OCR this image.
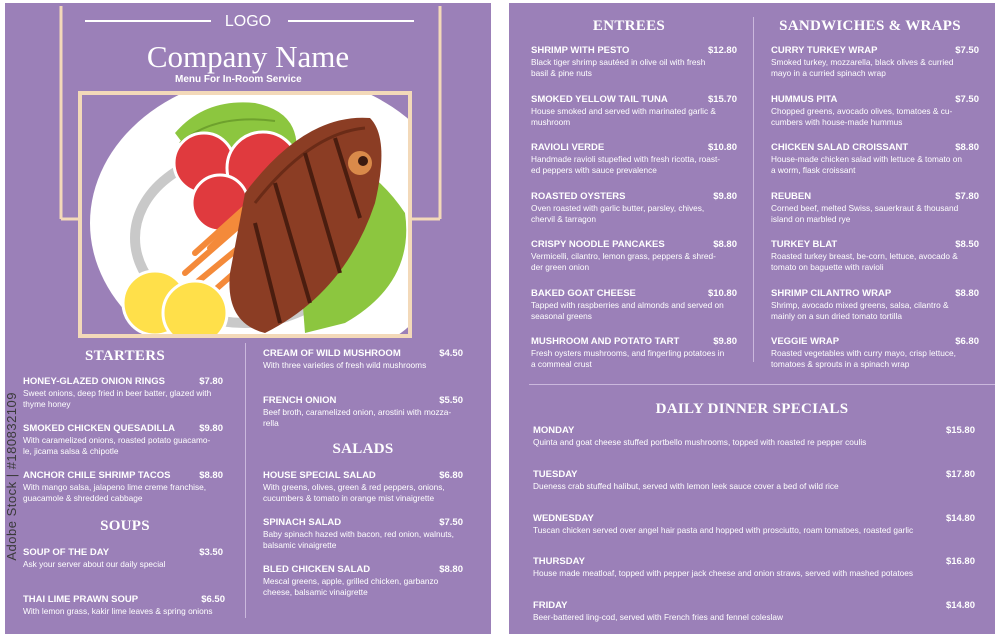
LOGO
Company Name
Menu For In-Room Service
STARTERS
HONEY-GLAZED ONION RINGS	$7.80
Sweet onions, deep fried in beer batter, glazed with
thyme honey
SMOKED CHICKEN QUESADILLA	$9.80
With caramelized onions, roasted potato guacamo-
le, jicama salsa & chipotle
ANCHOR CHILE SHRIMP TACOS	$8.80
With mango salsa, jalapeno lime creme franchise,
guacamole & shredded cabbage
SOUPS
SOUP OF THE DAY	$3.50
Ask your server about our daily special
THAI LIME PRAWN SOUP	$6.50
With lemon grass, kakir lime leaves & spring onions
CREAM OF WILD MUSHROOM	$4.50
With three varieties of fresh wild mushrooms
FRENCH ONION	$5.50
Beef broth, caramelized onion, arostini with mozza-
rella
SALADS
HOUSE SPECIAL SALAD	$6.80
With greens, olives, green & red peppers, onions,
cucumbers & tomato in orange mist vinaigrette
SPINACH SALAD	$7.50
Baby spinach hazed with bacon, red onion, walnuts,
balsamic vinaigrette
BLED CHICKEN SALAD	$8.80
Mescal greens, apple, grilled chicken, garbanzo
cheese, balsamic vinaigrette
Adobe Stock | #180832109
ENTREES	SANDWICHES & WRAPS
SHRIMP WITH PESTO	$12.80
Black tiger shrimp sautéed in olive oil with fresh
basil & pine nuts
SMOKED YELLOW TAIL TUNA	$15.70
House smoked and served with marinated garlic &
mushroom
RAVIOLI VERDE	$10.80
Handmade ravioli stupefied with fresh ricotta, roast-
ed peppers with sauce prevalence
ROASTED OYSTERS	$9.80
Oven roasted with garlic butter, parsley, chives,
chervil & tarragon
CRISPY NOODLE PANCAKES	$8.80
Vermicelli, cilantro, lemon grass, peppers & shred-
der green onion
BAKED GOAT CHEESE	$10.80
Tapped with raspberries and almonds and served on
seasonal greens
MUSHROOM AND POTATO TART	$9.80
Fresh oysters mushrooms, and fingerling potatoes in
a commeal crust
CURRY TURKEY WRAP	$7.50
Smoked turkey, mozzarella, black olives & curried
mayo in a curried spinach wrap
HUMMUS PITA	$7.50
Chopped greens, avocado olives, tomatoes & cu-
cumbers with house-made hummus
CHICKEN SALAD CROISSANT	$8.80
House-made chicken salad with lettuce & tomato on
a worm, flask croissant
REUBEN	$7.80
Corned beef, melted Swiss, sauerkraut & thousand
island on marbled rye
TURKEY BLAT	$8.50
Roasted turkey breast, be-corn, lettuce, avocado &
tomato on baguette with ravioli
SHRIMP CILANTRO WRAP	$8.80
Shrimp, avocado mixed greens, salsa, cilantro &
mainly on a sun dried tomato tortilla
VEGGIE WRAP	$6.80
Roasted vegetables with curry mayo, crisp lettuce,
tomatoes & sprouts in a spinach wrap
DAILY DINNER SPECIALS
MONDAY	$15.80
Quinta and goat cheese stuffed portbello mushrooms, topped with roasted re pepper coulis
TUESDAY	$17.80
Dueness crab stuffed halibut, served with lemon leek sauce cover a bed of wild rice
WEDNESDAY	$14.80
Tuscan chicken served over angel hair pasta and hopped with prosciutto, roam tomatoes, roasted garlic
THURSDAY	$16.80
House made meatloaf, topped with pepper jack cheese and onion straws, served with mashed potatoes
FRIDAY	$14.80
Beer-battered ling-cod, served with French fries and fennel coleslaw
